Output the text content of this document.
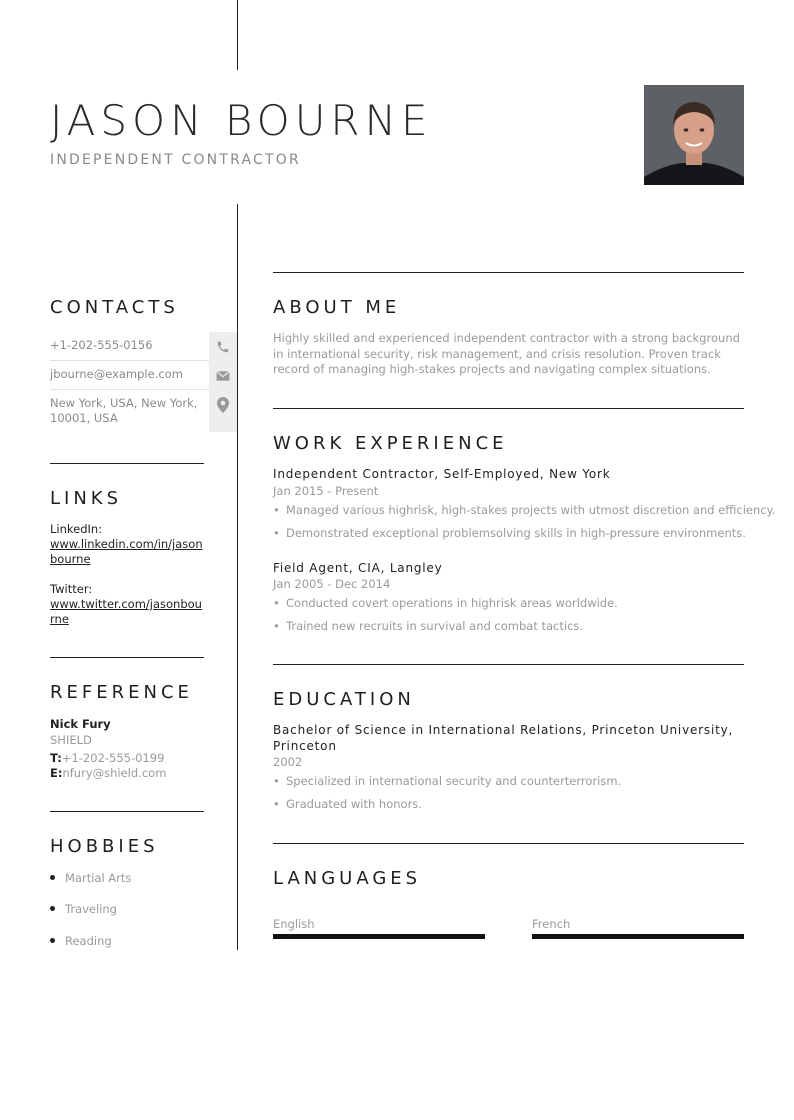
JASON BOURNE
INDEPENDENT CONTRACTOR
CONTACTS
+1-202-555-0156
jbourne@example.com
New York, USA, New York, 10001, USA
LINKS
LinkedIn:
www.linkedin.com/in/jasonbourne
Twitter:
www.twitter.com/jasonbourne
REFERENCE
Nick Fury
SHIELD
T:+1-202-555-0199
E:nfury@shield.com
HOBBIES
Martial Arts
Traveling
Reading
ABOUT ME
Highly skilled and experienced independent contractor with a strong background in international security, risk management, and crisis resolution. Proven track record of managing high-stakes projects and navigating complex situations.
WORK EXPERIENCE
Independent Contractor, Self-Employed, New York
Jan 2015 - Present
• Managed various highrisk, high-stakes projects with utmost discretion and efficiency.
• Demonstrated exceptional problemsolving skills in high-pressure environments.
Field Agent, CIA, Langley
Jan 2005 - Dec 2014
• Conducted covert operations in highrisk areas worldwide.
• Trained new recruits in survival and combat tactics.
EDUCATION
Bachelor of Science in International Relations, Princeton University, Princeton
2002
• Specialized in international security and counterterrorism.
• Graduated with honors.
LANGUAGES
English	French
